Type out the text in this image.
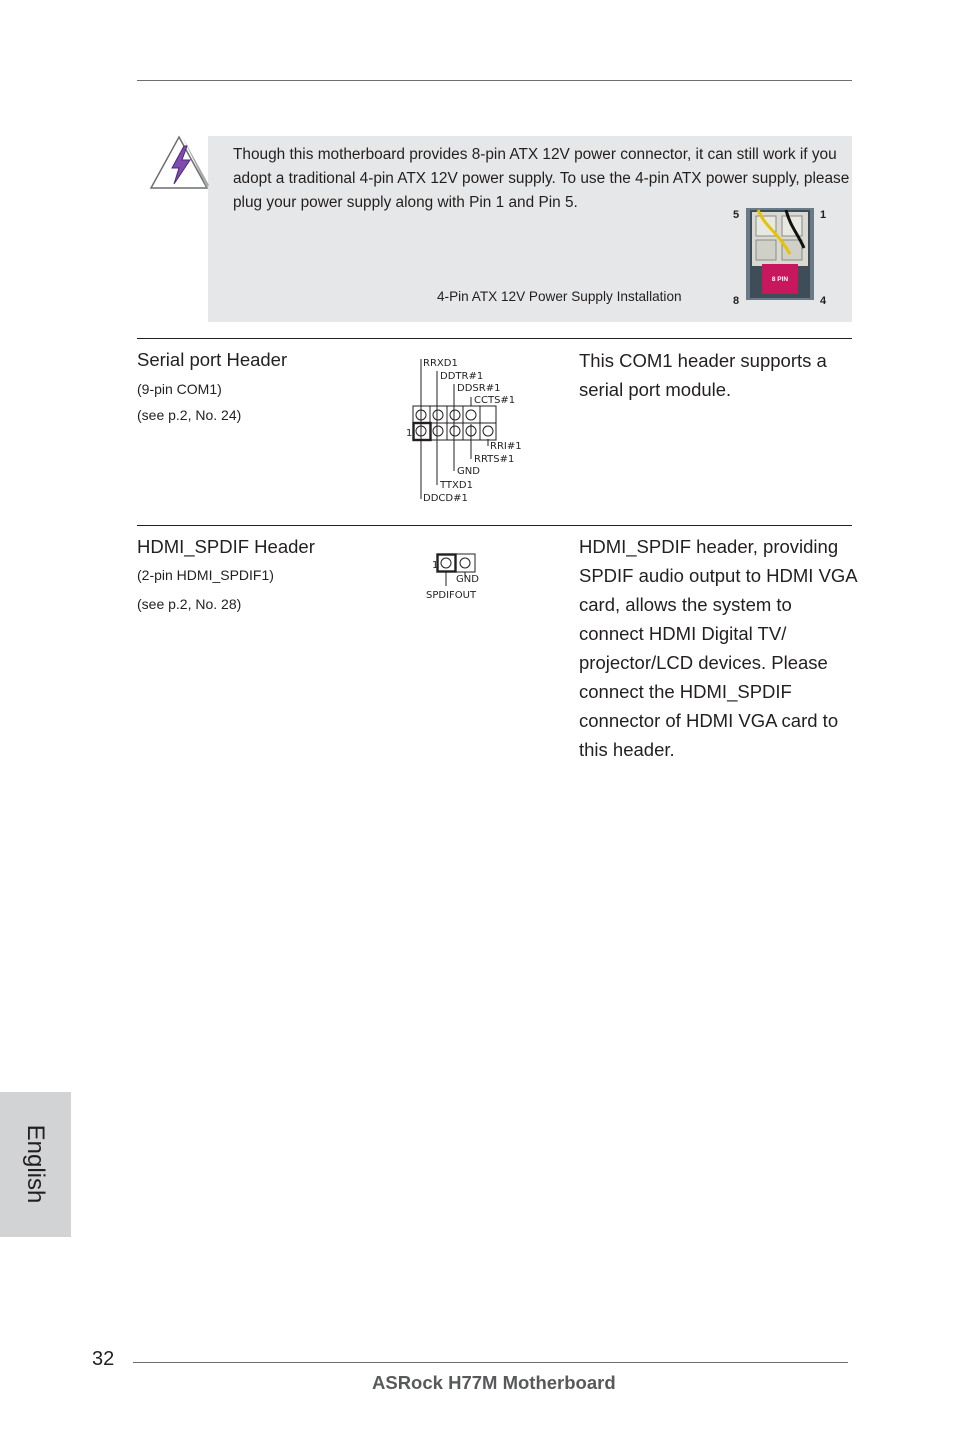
Though this motherboard provides 8-pin ATX 12V power connector, it can still work if you adopt a traditional 4-pin ATX 12V power supply. To use the 4-pin ATX power supply, please plug your power supply along with Pin 1 and Pin 5.
4-Pin ATX 12V Power Supply Installation
5	1
8	4
8 PIN
Serial port Header
(9-pin COM1)
(see p.2, No. 24)
This COM1 header supports a serial port module.
1
RRXD1
DDTR#1
DDSR#1
CCTS#1
RRI#1
RRTS#1
GND
TTXD1
DDCD#1
HDMI_SPDIF Header
(2-pin HDMI_SPDIF1)
(see p.2, No. 28)
HDMI_SPDIF header, providing SPDIF audio output to HDMI VGA card, allows the system to connect HDMI Digital TV/ projector/LCD devices. Please connect the HDMI_SPDIF connector of HDMI VGA card to this header.
1
GND
SPDIFOUT
English
32
ASRock H77M Motherboard
